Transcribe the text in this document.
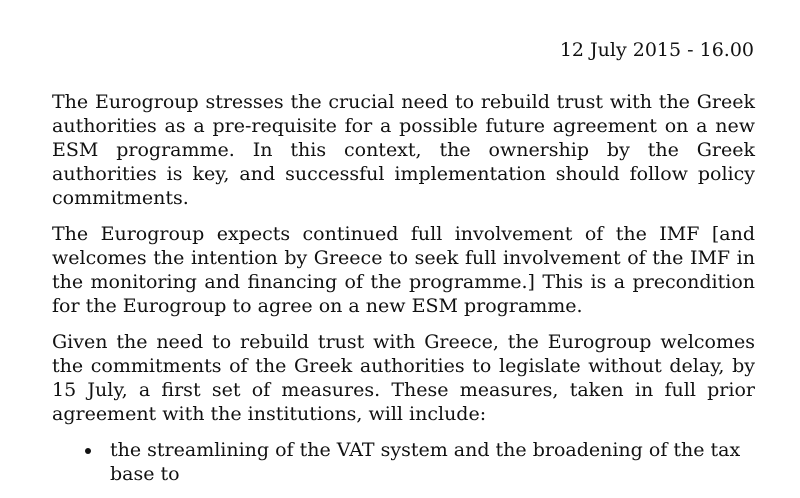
12 July 2015 - 16.00

The Eurogroup stresses the crucial need to rebuild trust with the Greek authorities as a pre-requisite for a possible future agreement on a new ESM programme. In this context, the ownership by the Greek authorities is key, and successful implementation should follow policy commitments.

The Eurogroup expects continued full involvement of the IMF [and welcomes the intention by Greece to seek full involvement of the IMF in the monitoring and financing of the programme.] This is a precondition for the Eurogroup to agree on a new ESM programme.

Given the need to rebuild trust with Greece, the Eurogroup welcomes the commitments of the Greek authorities to legislate without delay, by 15 July, a first set of measures. These measures, taken in full prior agreement with the institutions, will include:

the streamlining of the VAT system and the broadening of the tax base to
